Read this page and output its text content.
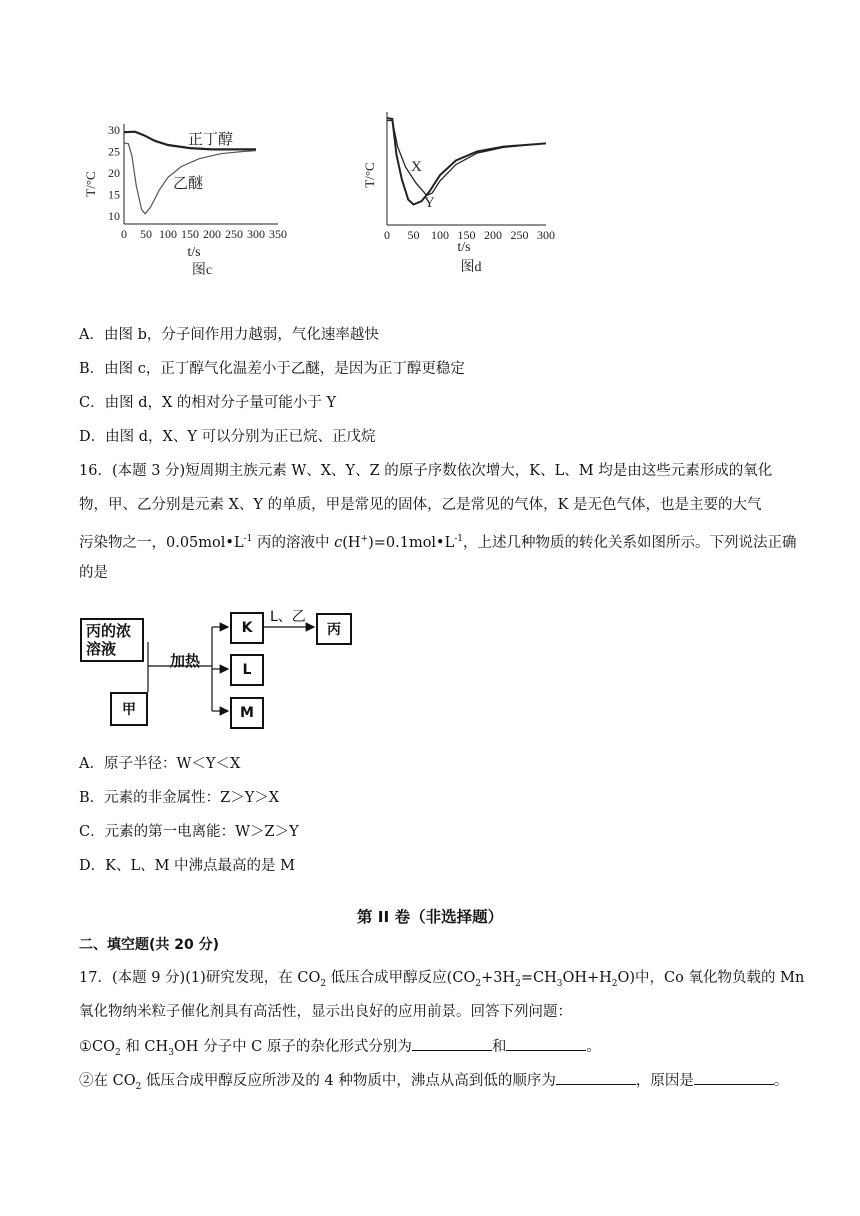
T/°C
30
25
20
15
10
0 50 100 150 200 250 300 350
正丁醇
乙醚
t/s
图c
T/°C
0 50 100 150 200 250 300
X
Y
t/s
图d
A．由图 b，分子间作用力越弱，气化速率越快
B．由图 c，正丁醇气化温差小于乙醚，是因为正丁醇更稳定
C．由图 d，X 的相对分子量可能小于 Y
D．由图 d，X、Y 可以分别为正已烷、正戊烷
16．(本题 3 分)短周期主族元素 W、X、Y、Z 的原子序数依次增大，K、L、M 均是由这些元素形成的氧化
物，甲、乙分别是元素 X、Y 的单质，甲是常见的固体，乙是常见的气体，K 是无色气体，也是主要的大气
污染物之一，$0.05mol•L^{-1}$ 丙的溶液中 $c(H^+)=0.1mol•L^{-1}$，上述几种物质的转化关系如图所示。下列说法正确
的是
丙的浓溶液
甲
加热
K
L
M
L、乙
丙
A．原子半径：W＜Y＜X
B．元素的非金属性：Z＞Y＞X
C．元素的第一电离能：W＞Z＞Y
D．K、L、M 中沸点最高的是 M
第 II 卷（非选择题）
二、填空题(共 20 分)
17．(本题 9 分)(1)研究发现，在 $CO_2$ 低压合成甲醇反应$(CO_2+3H_2=CH_3OH+H_2O)$中，Co 氧化物负载的 Mn
氧化物纳米粒子催化剂具有高活性，显示出良好的应用前景。回答下列问题：
$①CO_2$ 和 $CH_3OH$ 分子中 C 原子的杂化形式分别为	和	。
②在 $CO_2$ 低压合成甲醇反应所涉及的 4 种物质中，沸点从高到低的顺序为	，原因是	。
